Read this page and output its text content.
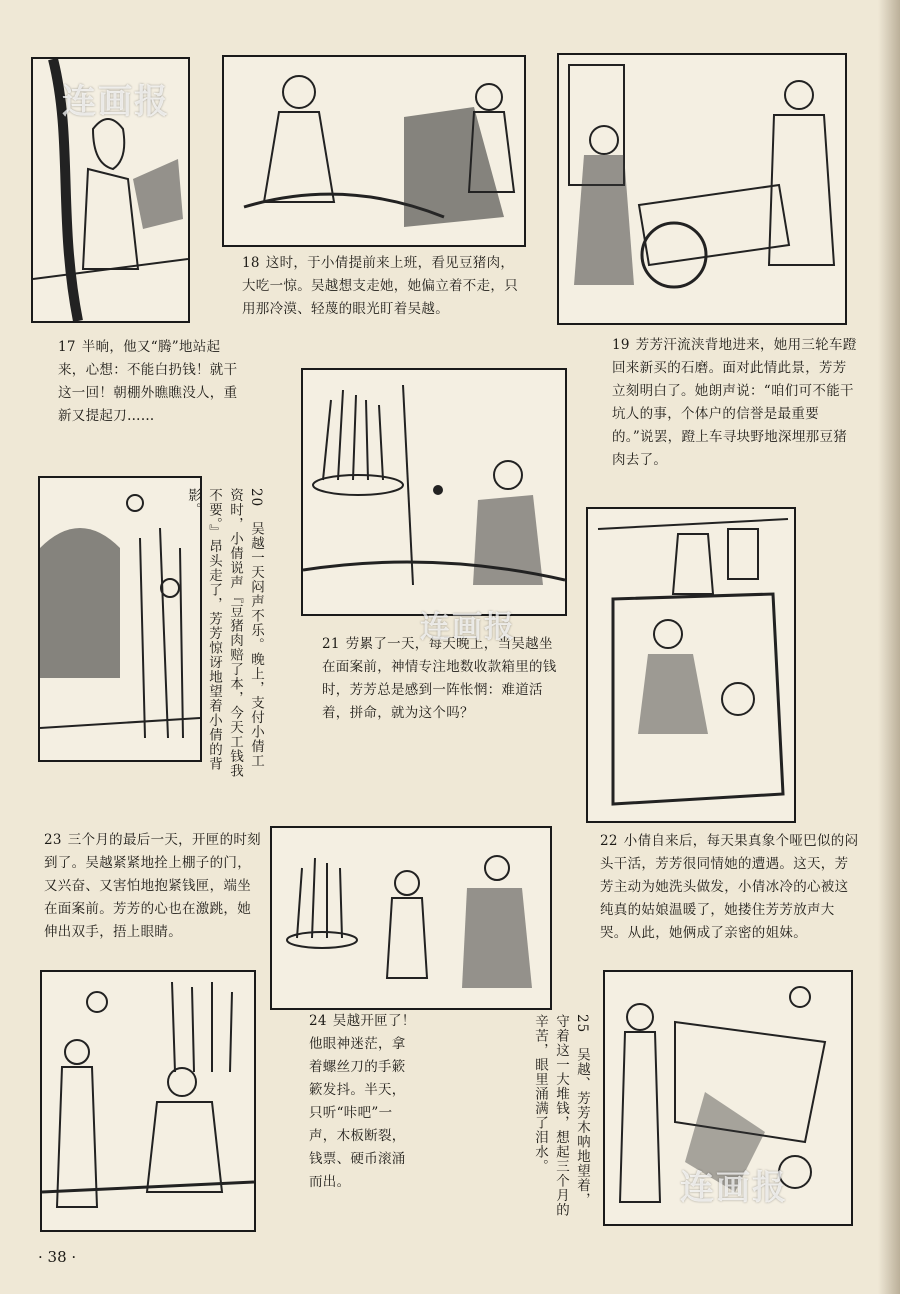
18 这时，于小倩提前来上班，看见豆猪肉，大吃一惊。吴越想支走她，她偏立着不走，只用那冷漠、轻蔑的眼光盯着吴越。
17 半晌，他又“腾”地站起来，心想：不能白扔钱！就干这一回！朝棚外瞧瞧没人，重新又提起刀……
19 芳芳汗流浃背地进来，她用三轮车蹬回来新买的石磨。面对此情此景，芳芳立刻明白了。她朗声说：“咱们可不能干坑人的事，个体户的信誉是最重要的。”说罢，蹬上车寻块野地深埋那豆猪肉去了。
21 劳累了一天，每天晚上，当吴越坐在面案前，神情专注地数收款箱里的钱时，芳芳总是感到一阵怅惘：难道活着，拼命，就为这个吗？
20　吴越一天闷声不乐。晚上，支付小倩工资时，小倩说声『豆猪肉赔了本，今天工钱我不要。』昂头走了，芳芳惊讶地望着小倩的背影。
22 小倩自来后，每天果真象个哑巴似的闷头干活，芳芳很同情她的遭遇。这天，芳芳主动为她洗头做发，小倩冰冷的心被这纯真的姑娘温暖了，她搂住芳芳放声大哭。从此，她俩成了亲密的姐妹。
23 三个月的最后一天，开匣的时刻到了。吴越紧紧地拴上棚子的门，又兴奋、又害怕地抱紧钱匣，端坐在面案前。芳芳的心也在激跳，她伸出双手，捂上眼睛。
24 吴越开匣了！他眼神迷茫，拿着螺丝刀的手簌簌发抖。半天，只听“咔吧”一声，木板断裂，钱票、硬币滚涌而出。
25　吴越、芳芳木呐地望着，守着这一大堆钱，想起三个月的辛苦，眼里涌满了泪水。
连画报
连画报
连画报
· 38 ·
